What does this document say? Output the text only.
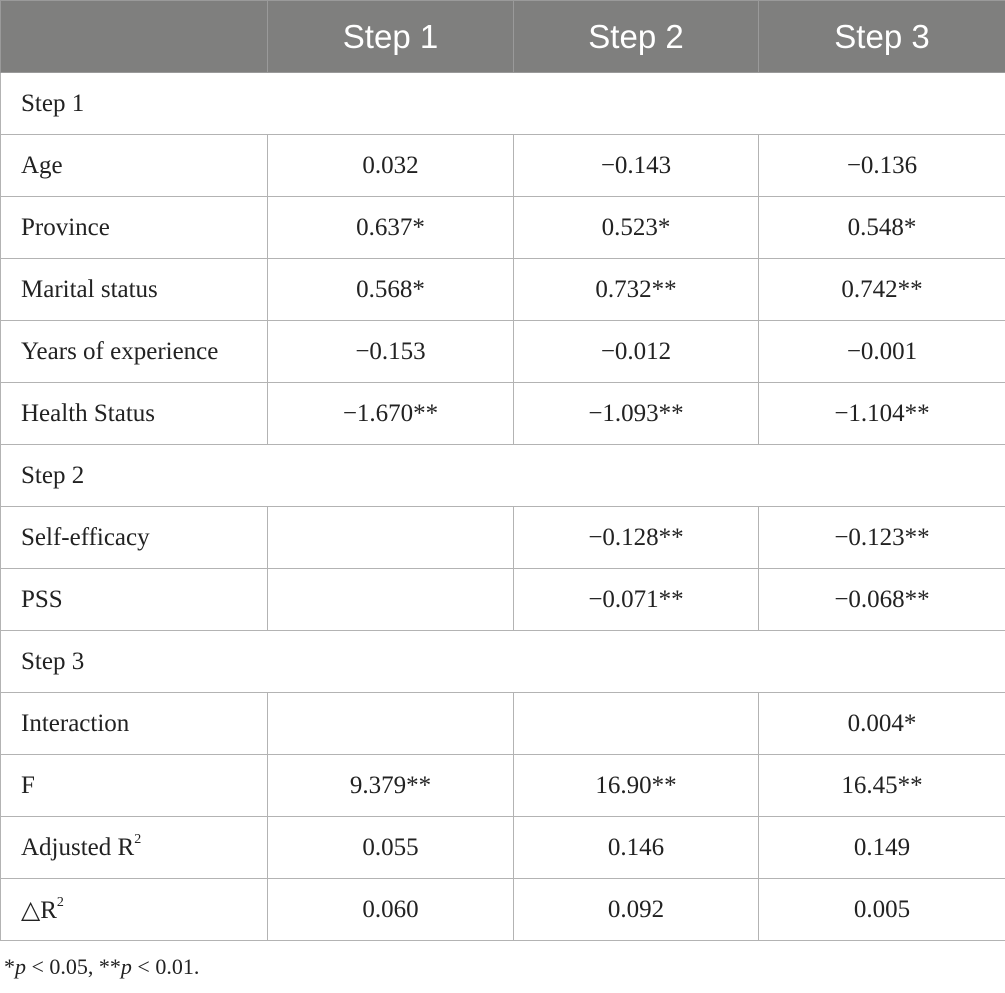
	Step 1	Step 2	Step 3
Step 1			
Age	0.032	−0.143	−0.136
Province	0.637*	0.523*	0.548*
Marital status	0.568*	0.732**	0.742**
Years of experience	−0.153	−0.012	−0.001
Health Status	−1.670**	−1.093**	−1.104**
Step 2			
Self-efficacy		−0.128**	−0.123**
PSS		−0.071**	−0.068**
Step 3			
Interaction			0.004*
F	9.379**	16.90**	16.45**
Adjusted $R^2$	0.055	0.146	0.149
$\triangle R^2$	0.060	0.092	0.005
*p < 0.05, **p < 0.01.
